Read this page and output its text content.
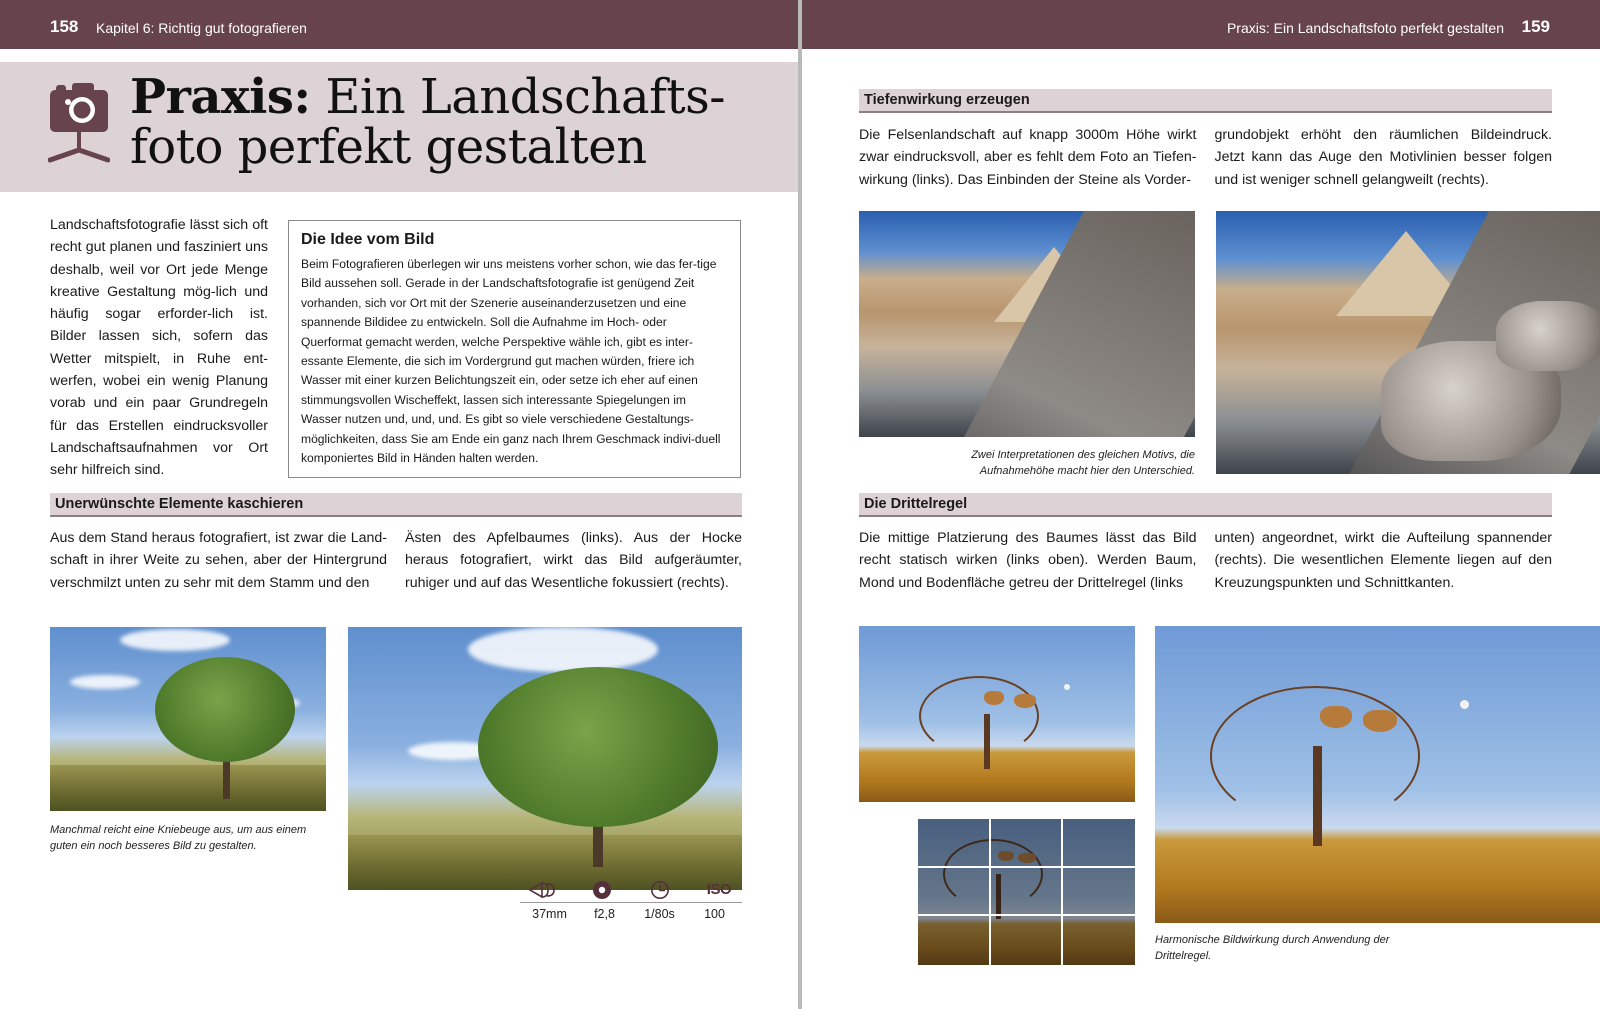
158 Kapitel 6: Richtig gut fotografieren
Praxis: Ein Landschafts-
foto perfekt gestalten

Landschaftsfotografie lässt sich oft recht gut planen und fasziniert uns deshalb, weil vor Ort jede Menge kreative Gestaltung mög-lich und häufig sogar erforder-lich ist. Bilder lassen sich, sofern das Wetter mitspielt, in Ruhe ent-werfen, wobei ein wenig Planung vorab und ein paar Grundregeln für das Erstellen eindrucksvoller Landschaftsaufnahmen vor Ort sehr hilfreich sind.

Die Idee vom Bild

Beim Fotografieren überlegen wir uns meistens vorher schon, wie das fer-tige Bild aussehen soll. Gerade in der Landschaftsfotografie ist genügend Zeit vorhanden, sich vor Ort mit der Szenerie auseinanderzusetzen und eine spannende Bildidee zu entwickeln. Soll die Aufnahme im Hoch- oder Querformat gemacht werden, welche Perspektive wähle ich, gibt es inter-essante Elemente, die sich im Vordergrund gut machen würden, friere ich Wasser mit einer kurzen Belichtungszeit ein, oder setze ich eher auf einen stimmungsvollen Wischeffekt, lassen sich interessante Spiegelungen im Wasser nutzen und, und, und. Es gibt so viele verschiedene Gestaltungs-möglichkeiten, dass Sie am Ende ein ganz nach Ihrem Geschmack indivi-duell komponiertes Bild in Händen halten werden.

Unerwünschte Elemente kaschieren

Aus dem Stand heraus fotografiert, ist zwar die Land-schaft in ihrer Weite zu sehen, aber der Hintergrund verschmilzt unten zu sehr mit dem Stamm und den

Ästen des Apfelbaumes (links). Aus der Hocke heraus fotografiert, wirkt das Bild aufgeräumter, ruhiger und auf das Wesentliche fokussiert (rechts).

Manchmal reicht eine Kniebeuge aus, um aus einem guten ein noch besseres Bild zu gestalten.

ISO
37mm	f2,8	1/80s	100
Praxis: Ein Landschaftsfoto perfekt gestalten 159
Tiefenwirkung erzeugen

Die Felsenlandschaft auf knapp 3000m Höhe wirkt zwar eindrucksvoll, aber es fehlt dem Foto an Tiefen-wirkung (links). Das Einbinden der Steine als Vorder-

grundobjekt erhöht den räumlichen Bildeindruck. Jetzt kann das Auge den Motivlinien besser folgen und ist weniger schnell gelangweilt (rechts).

Zwei Interpretationen des gleichen Motivs, die Aufnahmehöhe macht hier den Unterschied.

Die Drittelregel

Die mittige Platzierung des Baumes lässt das Bild recht statisch wirken (links oben). Werden Baum, Mond und Bodenfläche getreu der Drittelregel (links

unten) angeordnet, wirkt die Aufteilung spannender (rechts). Die wesentlichen Elemente liegen auf den Kreuzungspunkten und Schnittkanten.

Harmonische Bildwirkung durch Anwendung der Drittelregel.
